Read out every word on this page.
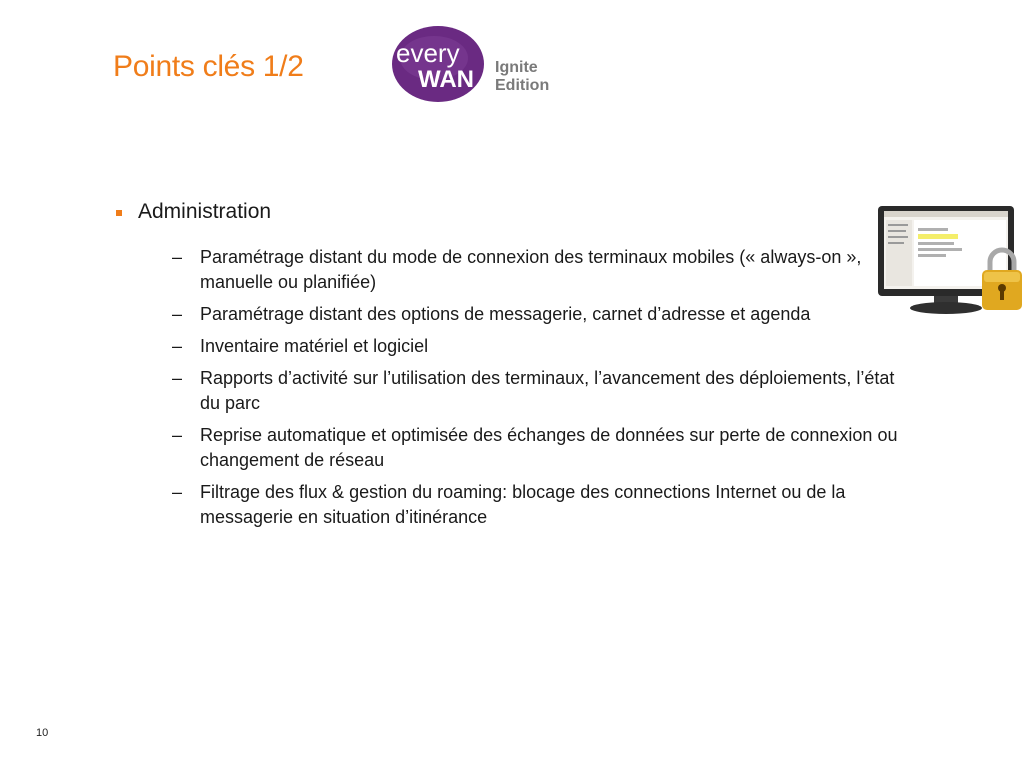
Points clés 1/2	every
WAN Ignite
Edition
Administration
– Paramétrage distant du mode de connexion des terminaux mobiles (« always-on », manuelle ou planifiée)
– Paramétrage distant des options de messagerie, carnet d’adresse et agenda
– Inventaire matériel et logiciel
– Rapports d’activité sur l’utilisation des terminaux, l’avancement des déploiements, l’état du parc
– Reprise automatique et optimisée des échanges de données sur perte de connexion ou changement de réseau
– Filtrage des flux & gestion du roaming: blocage des connections Internet ou de la messagerie en situation d’itinérance
10
